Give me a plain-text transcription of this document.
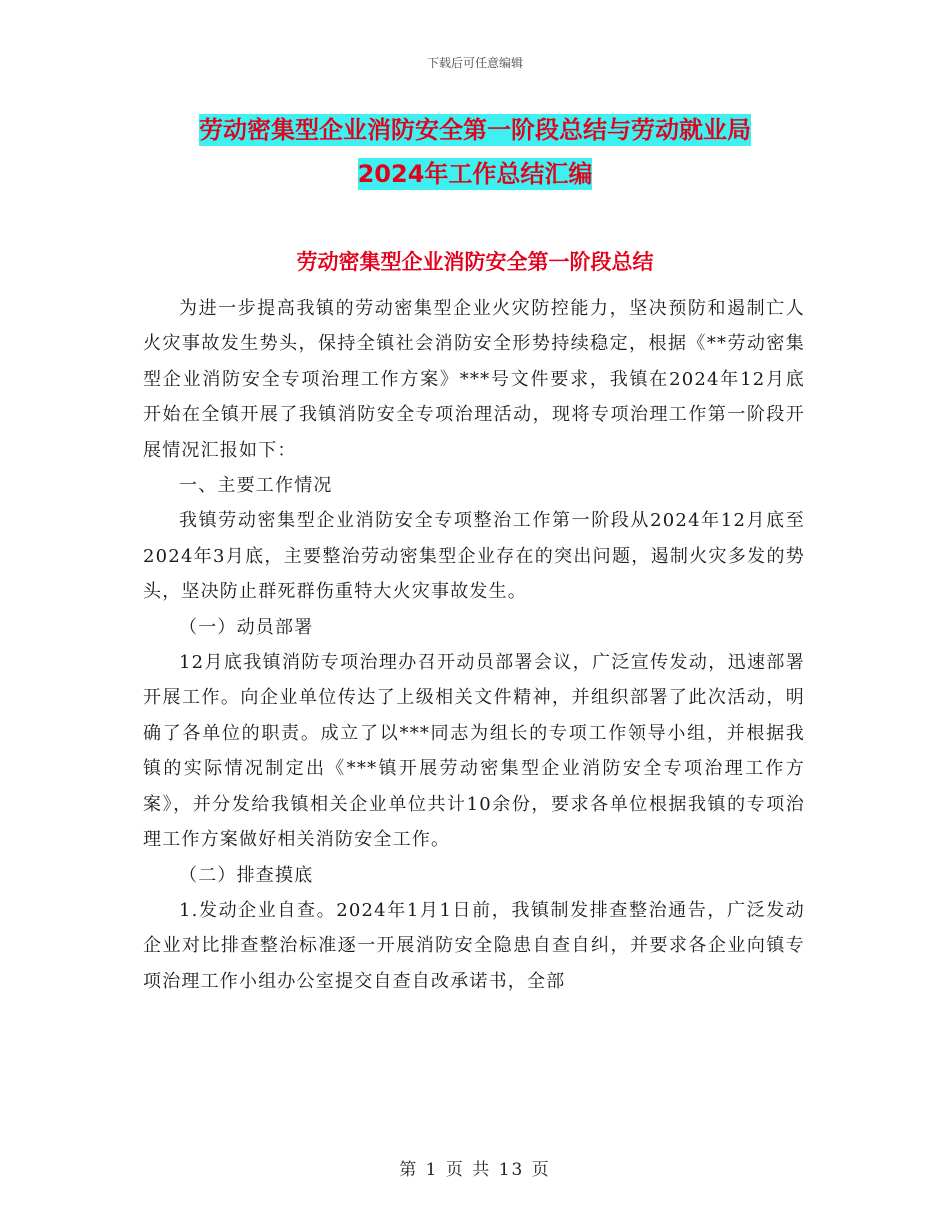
下载后可任意编辑
劳动密集型企业消防安全第一阶段总结与劳动就业局
2024年工作总结汇编
劳动密集型企业消防安全第一阶段总结

为进一步提高我镇的劳动密集型企业火灾防控能力，坚决预防和遏制亡人火灾事故发生势头，保持全镇社会消防安全形势持续稳定，根据《**劳动密集型企业消防安全专项治理工作方案》***号文件要求，我镇在2024年12月底开始在全镇开展了我镇消防安全专项治理活动，现将专项治理工作第一阶段开展情况汇报如下：

一、主要工作情况

我镇劳动密集型企业消防安全专项整治工作第一阶段从2024年12月底至2024年3月底，主要整治劳动密集型企业存在的突出问题，遏制火灾多发的势头，坚决防止群死群伤重特大火灾事故发生。

（一）动员部署

12月底我镇消防专项治理办召开动员部署会议，广泛宣传发动，迅速部署开展工作。向企业单位传达了上级相关文件精神，并组织部署了此次活动，明确了各单位的职责。成立了以***同志为组长的专项工作领导小组，并根据我镇的实际情况制定出《***镇开展劳动密集型企业消防安全专项治理工作方案》，并分发给我镇相关企业单位共计10余份，要求各单位根据我镇的专项治理工作方案做好相关消防安全工作。

（二）排查摸底

1.发动企业自查。2024年1月1日前，我镇制发排查整治通告，广泛发动企业对比排查整治标准逐一开展消防安全隐患自查自纠，并要求各企业向镇专项治理工作小组办公室提交自查自改承诺书，全部

第 1 页 共 13 页
